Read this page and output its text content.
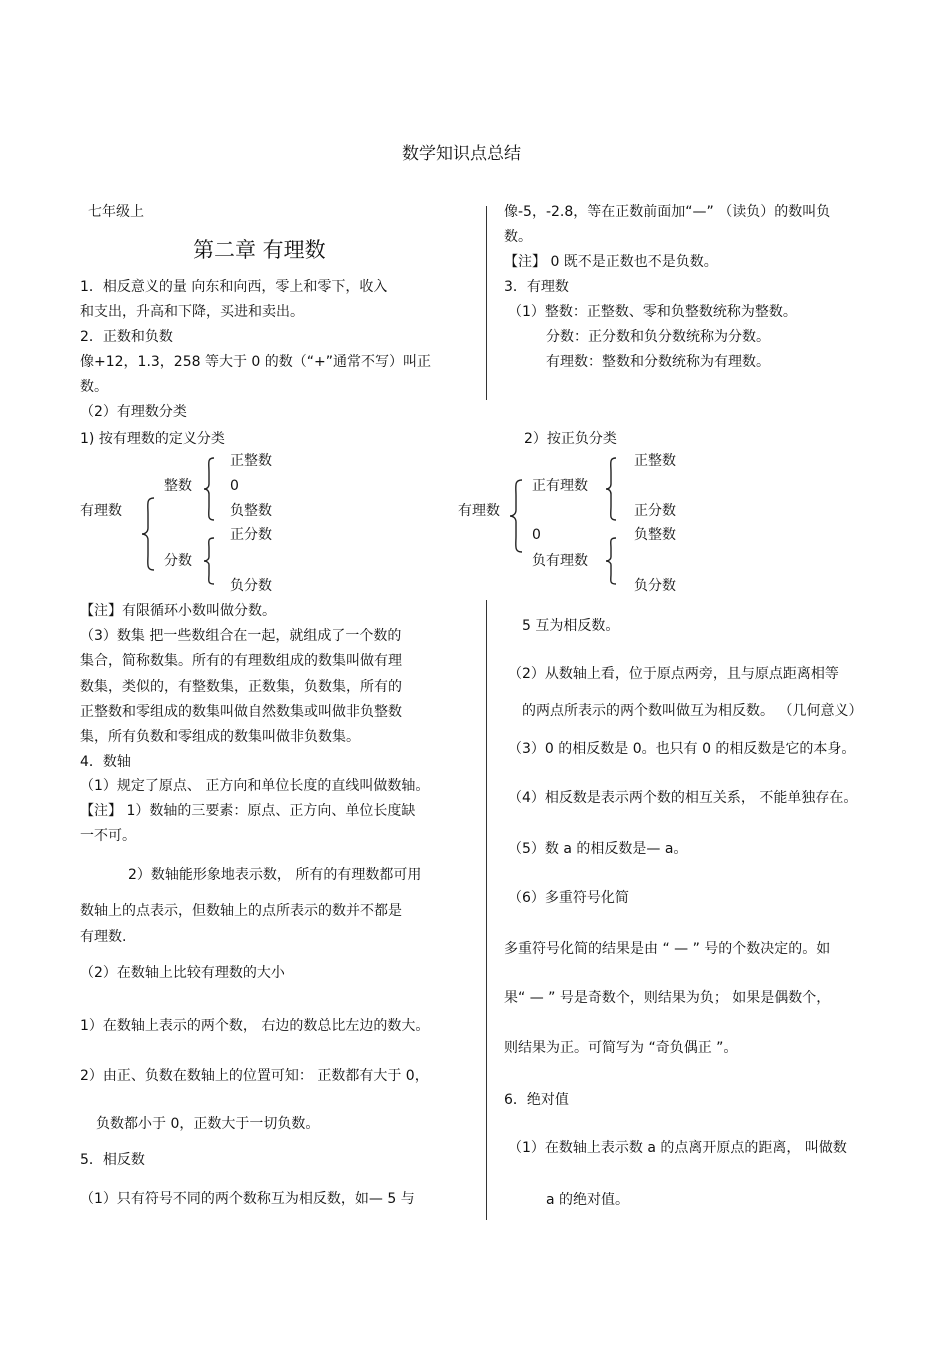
数学知识点总结
七年级上
第二章 有理数
1．相反意义的量 向东和向西，零上和零下，收入
和支出，升高和下降，买进和卖出。
2．正数和负数
像+12，1.3，258 等大于 0 的数（“+”通常不写）叫正
数。
（2）有理数分类
像-5，-2.8，等在正数前面加“—” （读负）的数叫负
数。
【注】 0 既不是正数也不是负数。
3．有理数
（1）整数：正整数、零和负整数统称为整数。
分数：正分数和负分数统称为分数。
有理数：整数和分数统称为有理数。
1) 按有理数的定义分类
有理数
整数
分数
正整数
0
负整数
正分数
负分数
2）按正负分类
有理数
正有理数
0
负有理数
正整数
正分数
负整数
负分数
【注】有限循环小数叫做分数。
（3）数集 把一些数组合在一起，就组成了一个数的
集合，简称数集。所有的有理数组成的数集叫做有理
数集，类似的，有整数集，正数集，负数集，所有的
正整数和零组成的数集叫做自然数集或叫做非负整数
集，所有负数和零组成的数集叫做非负数集。
4．数轴
（1）规定了原点、 正方向和单位长度的直线叫做数轴。
【注】 1）数轴的三要素：原点、正方向、单位长度缺
一不可。
2）数轴能形象地表示数， 所有的有理数都可用
数轴上的点表示，但数轴上的点所表示的数并不都是
有理数.
（2）在数轴上比较有理数的大小
1）在数轴上表示的两个数， 右边的数总比左边的数大。
2）由正、负数在数轴上的位置可知： 正数都有大于 0，
负数都小于 0，正数大于一切负数。
5．相反数
（1）只有符号不同的两个数称互为相反数，如— 5 与
5 互为相反数。
（2）从数轴上看，位于原点两旁，且与原点距离相等
的两点所表示的两个数叫做互为相反数。 （几何意义）
（3）0 的相反数是 0。也只有 0 的相反数是它的本身。
（4）相反数是表示两个数的相互关系， 不能单独存在。
（5）数 a 的相反数是— a。
（6）多重符号化简
多重符号化简的结果是由 “ — ” 号的个数决定的。如
果“ — ” 号是奇数个，则结果为负； 如果是偶数个，
则结果为正。可简写为 “奇负偶正 ”。
6．绝对值
（1）在数轴上表示数 a 的点离开原点的距离， 叫做数
a 的绝对值。
